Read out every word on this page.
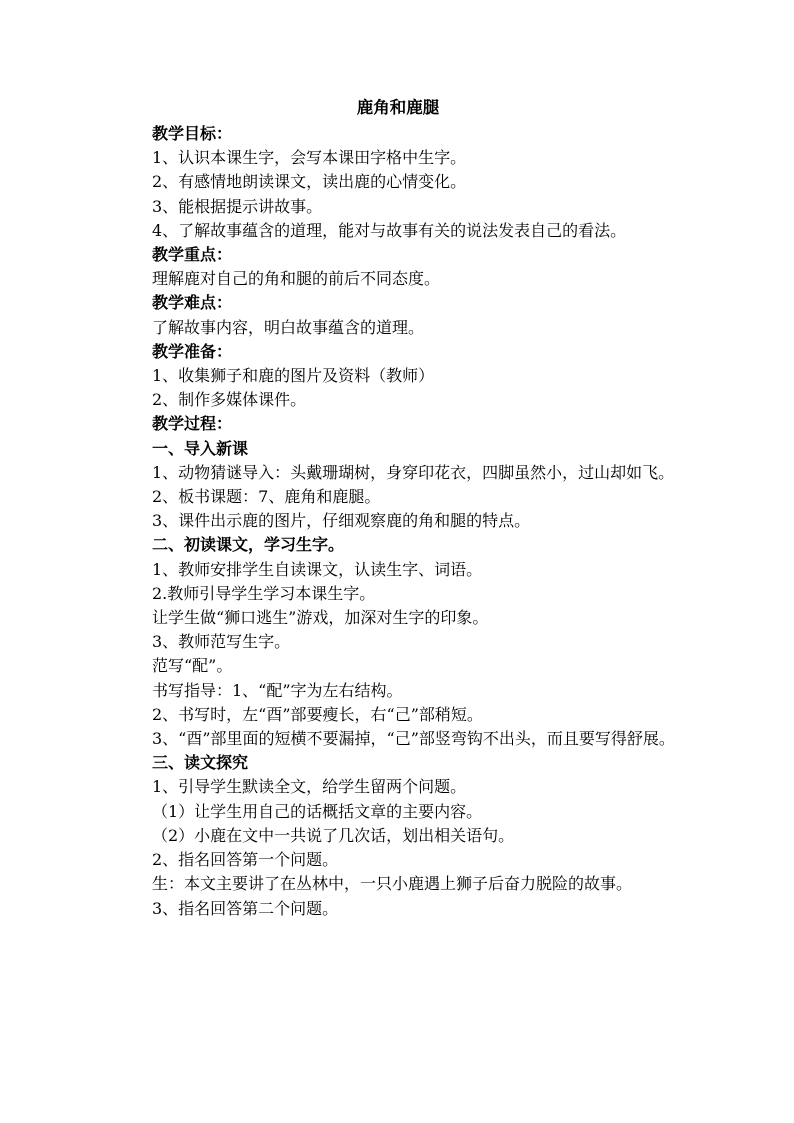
鹿角和鹿腿

教学目标：

1、认识本课生字，会写本课田字格中生字。

2、有感情地朗读课文，读出鹿的心情变化。

3、能根据提示讲故事。

4、了解故事蕴含的道理，能对与故事有关的说法发表自己的看法。

教学重点：

理解鹿对自己的角和腿的前后不同态度。

教学难点：

了解故事内容，明白故事蕴含的道理。

教学准备：

1、收集狮子和鹿的图片及资料（教师）

2、制作多媒体课件。

教学过程：

一、导入新课

1、动物猜谜导入：头戴珊瑚树，身穿印花衣，四脚虽然小，过山却如飞。

2、板书课题：7、鹿角和鹿腿。

3、课件出示鹿的图片，仔细观察鹿的角和腿的特点。

二、初读课文，学习生字。

1、教师安排学生自读课文，认读生字、词语。

2.教师引导学生学习本课生字。

让学生做“狮口逃生”游戏，加深对生字的印象。

3、教师范写生字。

范写“配”。

书写指导：1、“配”字为左右结构。

2、书写时，左“酉”部要瘦长，右“己”部稍短。

3、“酉”部里面的短横不要漏掉，“己”部竖弯钩不出头，而且要写得舒展。

三、读文探究

1、引导学生默读全文，给学生留两个问题。

（1）让学生用自己的话概括文章的主要内容。

（2）小鹿在文中一共说了几次话，划出相关语句。

2、指名回答第一个问题。

生：本文主要讲了在丛林中，一只小鹿遇上狮子后奋力脱险的故事。

3、指名回答第二个问题。
